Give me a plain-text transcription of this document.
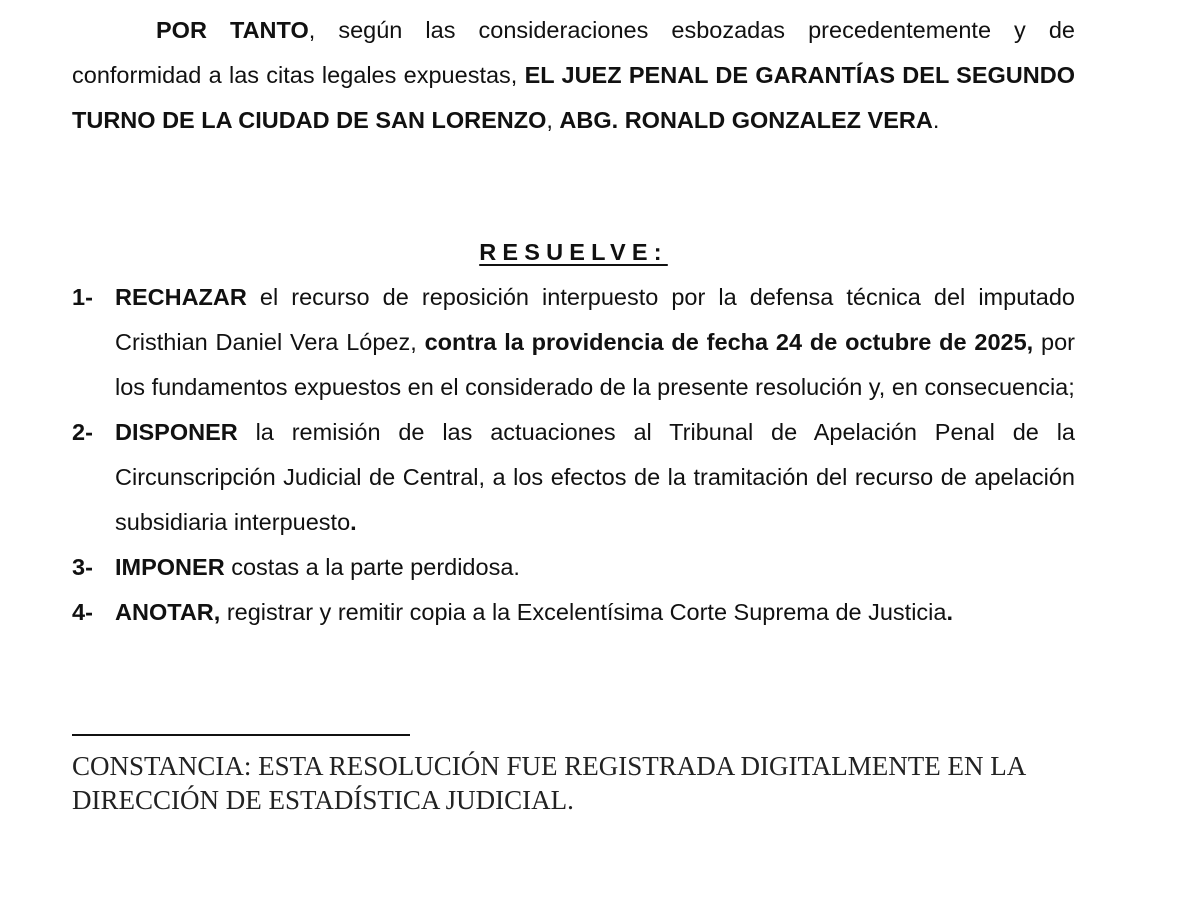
POR TANTO, según las consideraciones esbozadas precedentemente y de conformidad a las citas legales expuestas, EL JUEZ PENAL DE GARANTÍAS DEL SEGUNDO TURNO DE LA CIUDAD DE SAN LORENZO, ABG. RONALD GONZALEZ VERA.

RESUELVE:
1- RECHAZAR el recurso de reposición interpuesto por la defensa técnica del imputado Cristhian Daniel Vera López, contra la providencia de fecha 24 de octubre de 2025, por los fundamentos expuestos en el considerado de la presente resolución y, en consecuencia;
2- DISPONER la remisión de las actuaciones al Tribunal de Apelación Penal de la Circunscripción Judicial de Central, a los efectos de la tramitación del recurso de apelación subsidiaria interpuesto.
3- IMPONER costas a la parte perdidosa.
4- ANOTAR, registrar y remitir copia a la Excelentísima Corte Suprema de Justicia.
CONSTANCIA: ESTA RESOLUCIÓN FUE REGISTRADA DIGITALMENTE EN LA DIRECCIÓN DE ESTADÍSTICA JUDICIAL.
